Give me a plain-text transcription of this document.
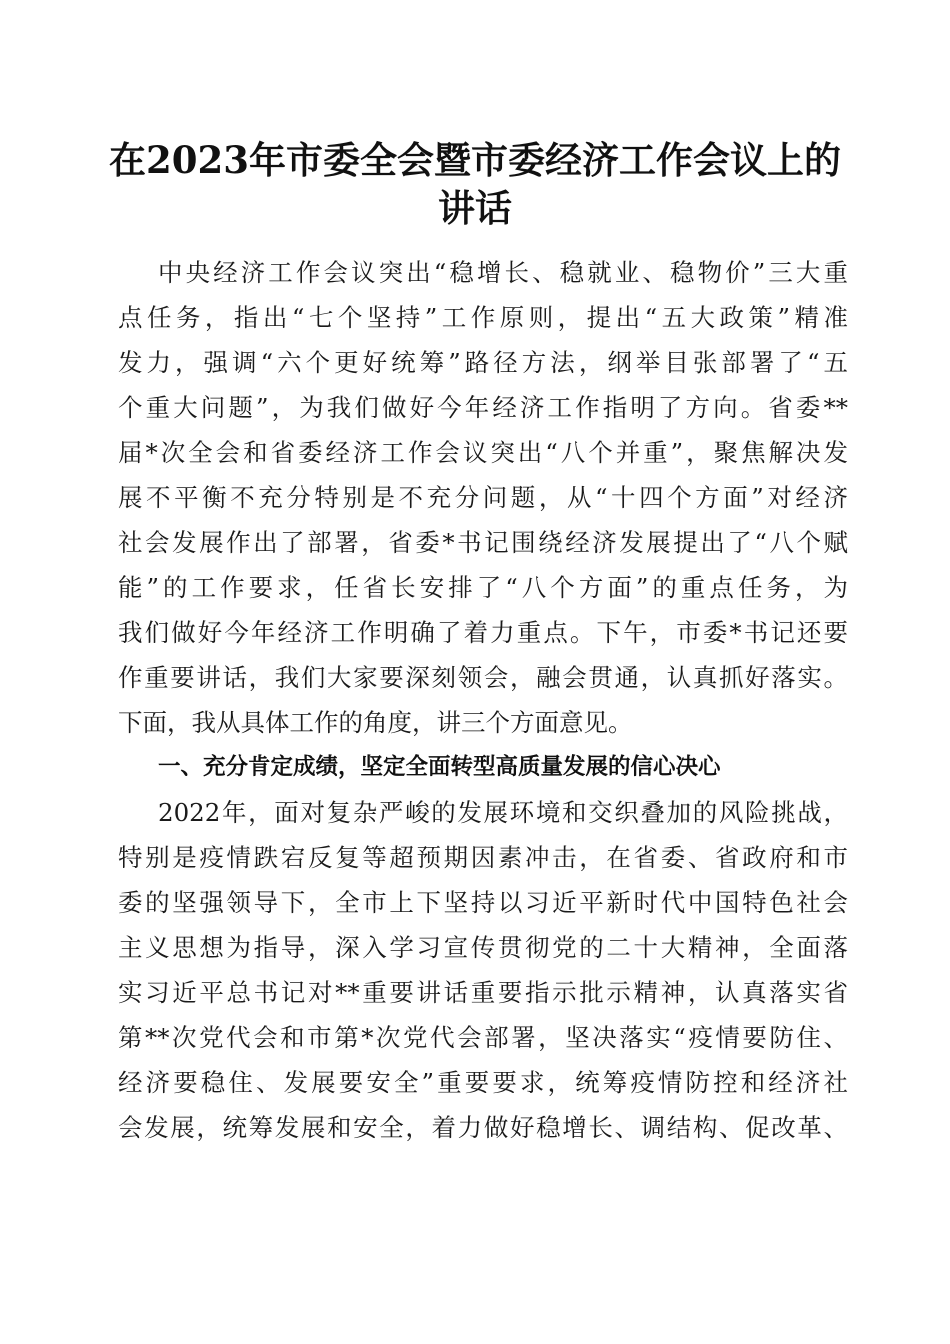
在2023年市委全会暨市委经济工作会议上的
讲话
中央经济工作会议突出“稳增长、稳就业、稳物价”三大重
点任务，指出“七个坚持”工作原则，提出“五大政策”精准
发力，强调“六个更好统筹”路径方法，纲举目张部署了“五
个重大问题”，为我们做好今年经济工作指明了方向。省委**
届*次全会和省委经济工作会议突出“八个并重”，聚焦解决发
展不平衡不充分特别是不充分问题，从“十四个方面”对经济
社会发展作出了部署，省委*书记围绕经济发展提出了“八个赋
能”的工作要求，任省长安排了“八个方面”的重点任务，为
我们做好今年经济工作明确了着力重点。下午，市委*书记还要
作重要讲话，我们大家要深刻领会，融会贯通，认真抓好落实。
下面，我从具体工作的角度，讲三个方面意见。
一、充分肯定成绩，坚定全面转型高质量发展的信心决心
2022年，面对复杂严峻的发展环境和交织叠加的风险挑战，
特别是疫情跌宕反复等超预期因素冲击，在省委、省政府和市
委的坚强领导下，全市上下坚持以习近平新时代中国特色社会
主义思想为指导，深入学习宣传贯彻党的二十大精神，全面落
实习近平总书记对**重要讲话重要指示批示精神，认真落实省
第**次党代会和市第*次党代会部署，坚决落实“疫情要防住、
经济要稳住、发展要安全”重要要求，统筹疫情防控和经济社
会发展，统筹发展和安全，着力做好稳增长、调结构、促改革、
